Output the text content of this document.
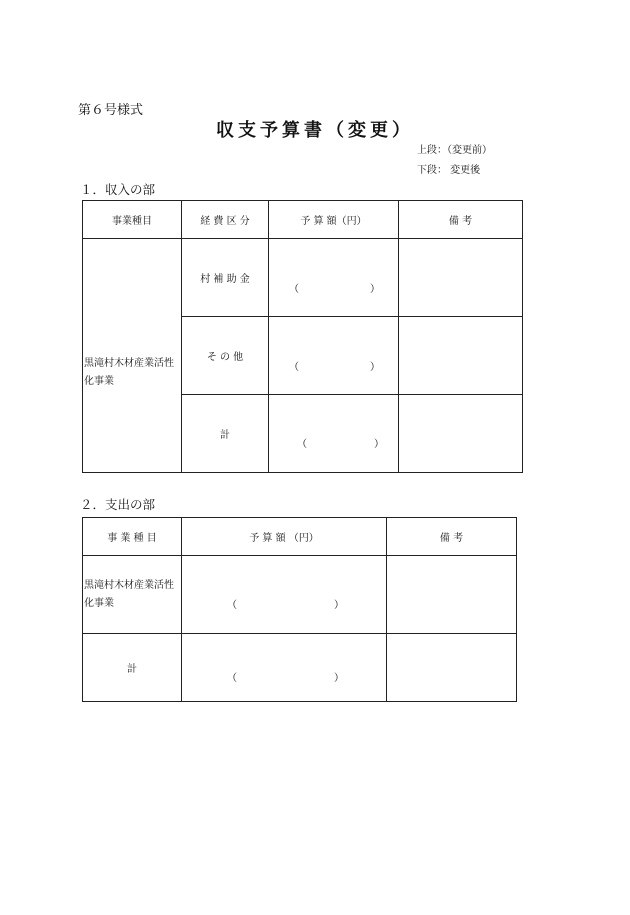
第６号様式
収支予算書（変更）
上段：（変更前）
下段： 変更後
１．収入の部
事業種目	経 費 区 分	予 算 額（円）	備 考

黒滝村木材産業活性化事業	村 補 助 金	（ ）	

	そ の 他	（ ）	

	計	（ ）	

２．支出の部
事 業 種 目	予 算 額 （円）	備 考

黒滝村木材産業活性化事業	（ ）	

計	（ ）	
